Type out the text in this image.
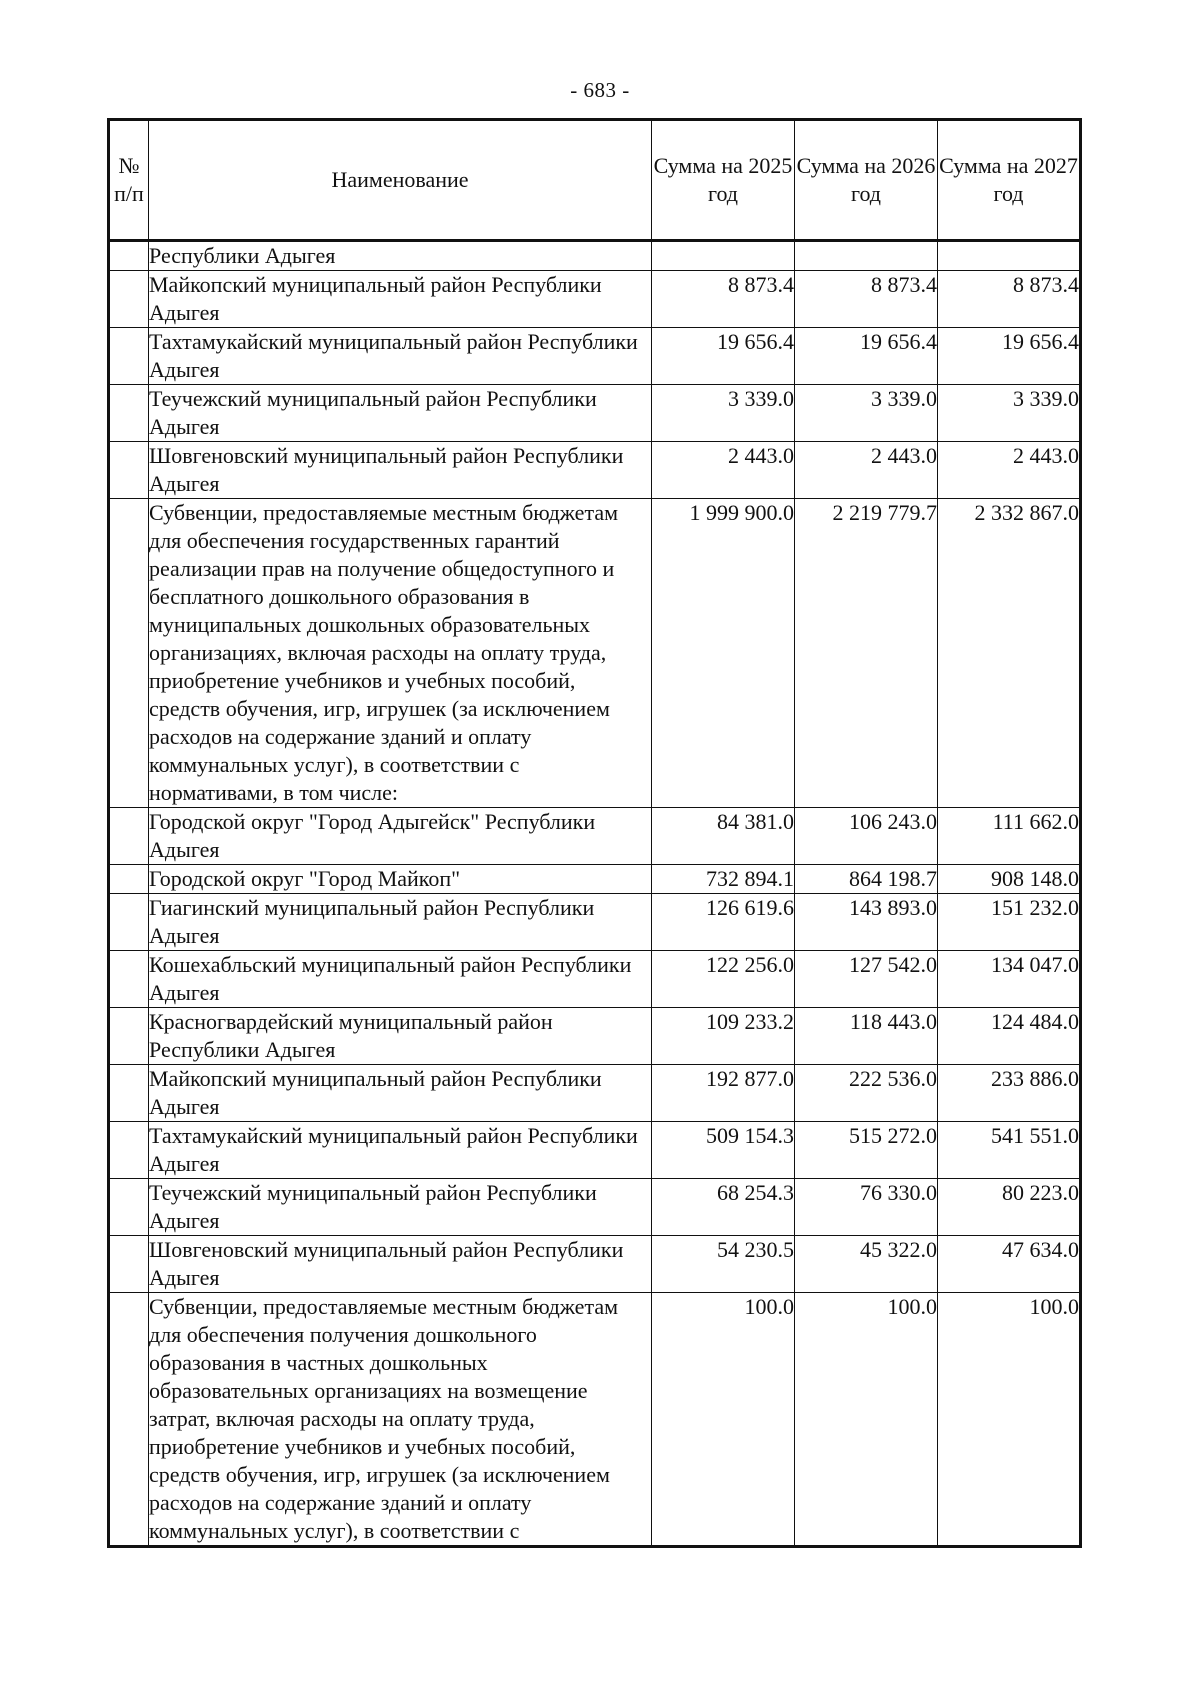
- 683 -
№ п/п	Наименование	Сумма на 2025 год	Сумма на 2026 год	Сумма на 2027 год
	Республики Адыгея			
	Майкопский муниципальный район Республики Адыгея	8 873.4	8 873.4	8 873.4
	Тахтамукайский муниципальный район Республики Адыгея	19 656.4	19 656.4	19 656.4
	Теучежский муниципальный район Республики Адыгея	3 339.0	3 339.0	3 339.0
	Шовгеновский муниципальный район Республики Адыгея	2 443.0	2 443.0	2 443.0
	Субвенции, предоставляемые местным бюджетам для обеспечения государственных гарантий реализации прав на получение общедоступного и бесплатного дошкольного образования в муниципальных дошкольных образовательных организациях, включая расходы на оплату труда, приобретение учебников и учебных пособий, средств обучения, игр, игрушек (за исключением расходов на содержание зданий и оплату коммунальных услуг), в соответствии с нормативами, в том числе:	1 999 900.0	2 219 779.7	2 332 867.0
	Городской округ "Город Адыгейск" Республики Адыгея	84 381.0	106 243.0	111 662.0
	Городской округ "Город Майкоп"	732 894.1	864 198.7	908 148.0
	Гиагинский муниципальный район Республики Адыгея	126 619.6	143 893.0	151 232.0
	Кошехабльский муниципальный район Республики Адыгея	122 256.0	127 542.0	134 047.0
	Красногвардейский муниципальный район Республики Адыгея	109 233.2	118 443.0	124 484.0
	Майкопский муниципальный район Республики Адыгея	192 877.0	222 536.0	233 886.0
	Тахтамукайский муниципальный район Республики Адыгея	509 154.3	515 272.0	541 551.0
	Теучежский муниципальный район Республики Адыгея	68 254.3	76 330.0	80 223.0
	Шовгеновский муниципальный район Республики Адыгея	54 230.5	45 322.0	47 634.0
	Субвенции, предоставляемые местным бюджетам для обеспечения получения дошкольного образования в частных дошкольных образовательных организациях на возмещение затрат, включая расходы на оплату труда, приобретение учебников и учебных пособий, средств обучения, игр, игрушек (за исключением расходов на содержание зданий и оплату коммунальных услуг), в соответствии с	100.0	100.0	100.0
